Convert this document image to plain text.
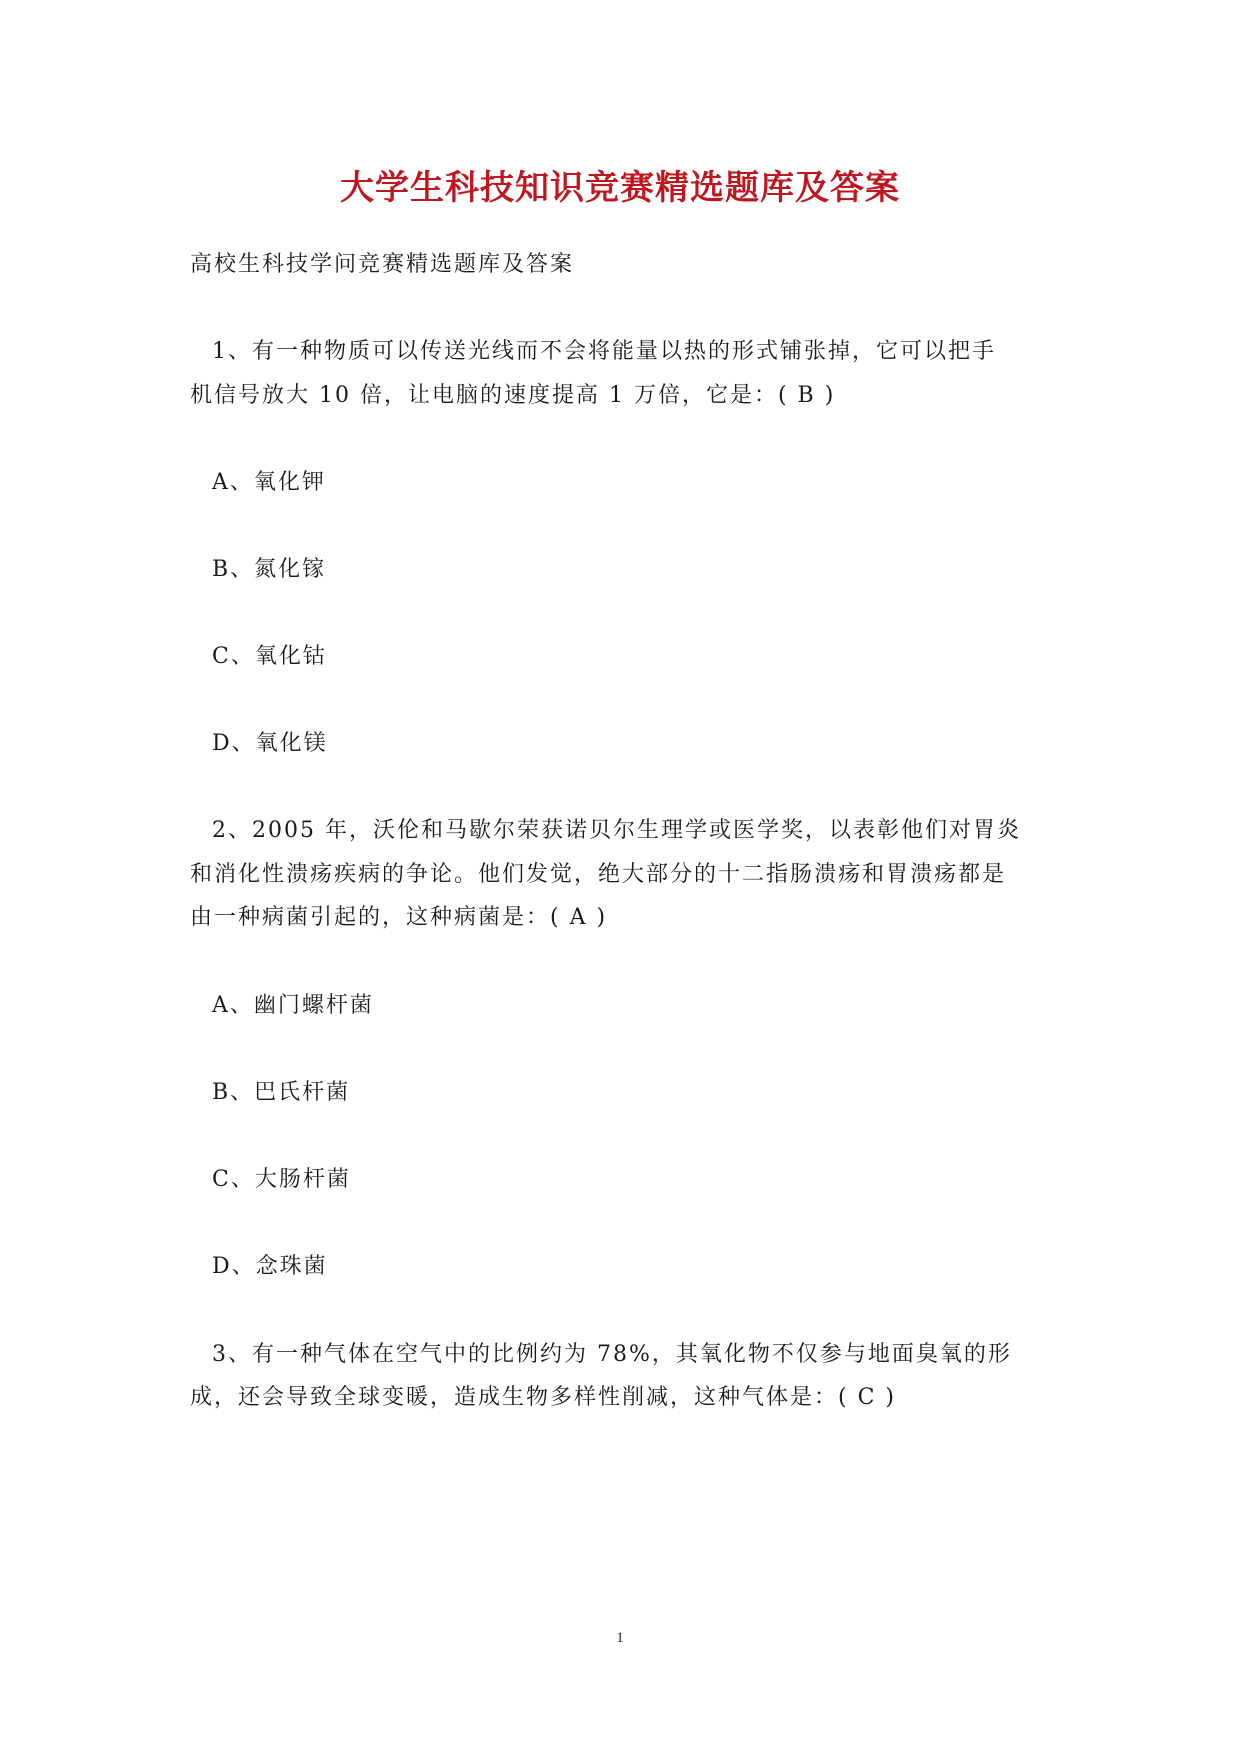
大学生科技知识竞赛精选题库及答案
高校生科技学问竞赛精选题库及答案
1、有一种物质可以传送光线而不会将能量以热的形式铺张掉，它可以把手
机信号放大 10 倍，让电脑的速度提高 1 万倍，它是：( B )
A、氧化钾
B、氮化镓
C、氧化钴
D、氧化镁
2、2005 年，沃伦和马歇尔荣获诺贝尔生理学或医学奖，以表彰他们对胃炎
和消化性溃疡疾病的争论。他们发觉，绝大部分的十二指肠溃疡和胃溃疡都是
由一种病菌引起的，这种病菌是：( A )
A、幽门螺杆菌
B、巴氏杆菌
C、大肠杆菌
D、念珠菌
3、有一种气体在空气中的比例约为 78%，其氧化物不仅参与地面臭氧的形
成，还会导致全球变暖，造成生物多样性削减，这种气体是：( C )
1
